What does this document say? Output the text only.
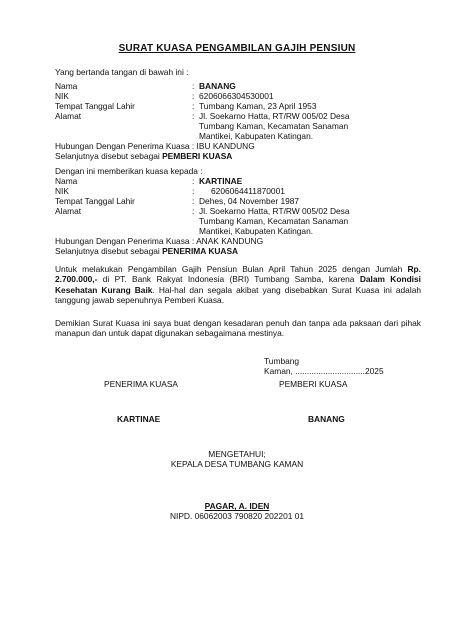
SURAT KUASA PENGAMBILAN GAJIH PENSIUN
Yang bertanda tangan di bawah ini :
Nama	: BANANG
NIK	: 6206066304530001
Tempat Tanggal Lahir	: Tumbang Kaman, 23 April 1953
Alamat	: Jl. Soekarno Hatta, RT/RW 005/02 Desa
Tumbang Kaman, Kecamatan Sanaman
Mantikei, Kabupaten Katingan.
Hubungan Dengan Penerima Kuasa : IBU KANDUNG
Selanjutnya disebut sebagai PEMBERI KUASA
Dengan ini memberikan kuasa kepada :
Nama	: KARTINAE
NIK	: 6206064411870001
Tempat Tanggal Lahir	: Dehes, 04 November 1987
Alamat	: Jl. Soekarno Hatta, RT/RW 005/02 Desa
Tumbang Kaman, Kecamatan Sanaman
Mantikei, Kabupaten Katingan.
Hubungan Dengan Penerima Kuasa : ANAK KANDUNG
Selanjutnya disebut sebagai PENERIMA KUASA
Untuk melakukan Pengambilan Gajih Pensiun Bulan April Tahun 2025 dengan Jumlah Rp. 2.700.000,- di PT. Bank Rakyat Indonesia (BRI) Tumbang Samba, karena Dalam Kondisi Kesehatan Kurang Baik. Hal-hal dan segala akibat yang disebabkan Surat Kuasa ini adalah tanggung jawab sepenuhnya Pemberi Kuasa.
Demikian Surat Kuasa ini saya buat dengan kesadaran penuh dan tanpa ada paksaan dari pihak manapun dan untuk dapat digunakan sebagaimana mestinya.
Tumbang
Kaman, ..............................2025
PENERIMA KUASA	PEMBERI KUASA
KARTINAE	BANANG
MENGETAHUI;
KEPALA DESA TUMBANG KAMAN
PAGAR, A. IDEN
NIPD. 06062003 790820 202201 01
